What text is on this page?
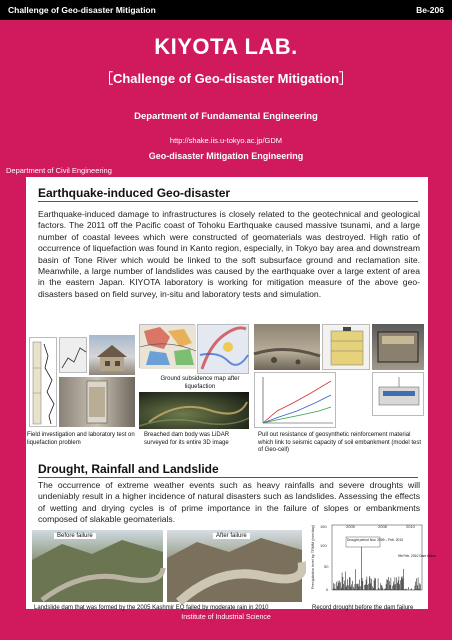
Challenge of Geo-disaster Mitigation	Be-206
KIYOTA LAB.
［Challenge of Geo-disaster Mitigation］
Department of Fundamental Engineering
http://shake.iis.u-tokyo.ac.jp/GDM
Geo-disaster Mitigation Engineering
Department of Civil Engineering
Earthquake-induced Geo-disaster
Earthquake-induced damage to infrastructures is closely related to the geotechnical and geological factors. The 2011 off the Pacific coast of Tohoku Earthquake caused massive tsunami, and a large number of coastal levees which were constructed of geomaterials was destroyed. High ratio of occurrence of liquefaction was found in Kanto region, especially, in Tokyo bay area and downstream basin of Tone River which would be linked to the soft subsurface ground and reclamation site. Meanwhile, a large number of landslides was caused by the earthquake over a large extent of area in the eastern Japan. KIYOTA laboratory is working for mitigation measure of the above geo-disasters based on field survey, in-situ and laboratory tests and simulation.
Ground subsidence map after liquefaction
Field investigation and laboratory test on liquefaction problem
Breached dam body was LiDAR surveyed for its entire 3D image
Pull out resistance of geosynthetic reinforcement material which link to seismic capacity of soil embankment (model test of Geo-cell)
Drought, Rainfall and Landslide
The occurrence of extreme weather events such as heavy rainfalls and severe droughts will undeniably result in a higher incidence of natural disasters such as landslides. Assessing the effects of wetting and drying cycles is of prime importance in the failure of slopes or embankments composed of slakable geomaterials.
Before failure	After failure
150
100
50
0
2005	2008	2010
Precipitation level by TRMM (mm/day)	Drought period Nov. 2009 – Feb. 2010
9th Feb. 2010 Dam failure
Landslide dam that was formed by the 2005 Kashmir EQ failed by moderate rain in 2010	Record drought before the dam failure
Institute of Industrial Science
